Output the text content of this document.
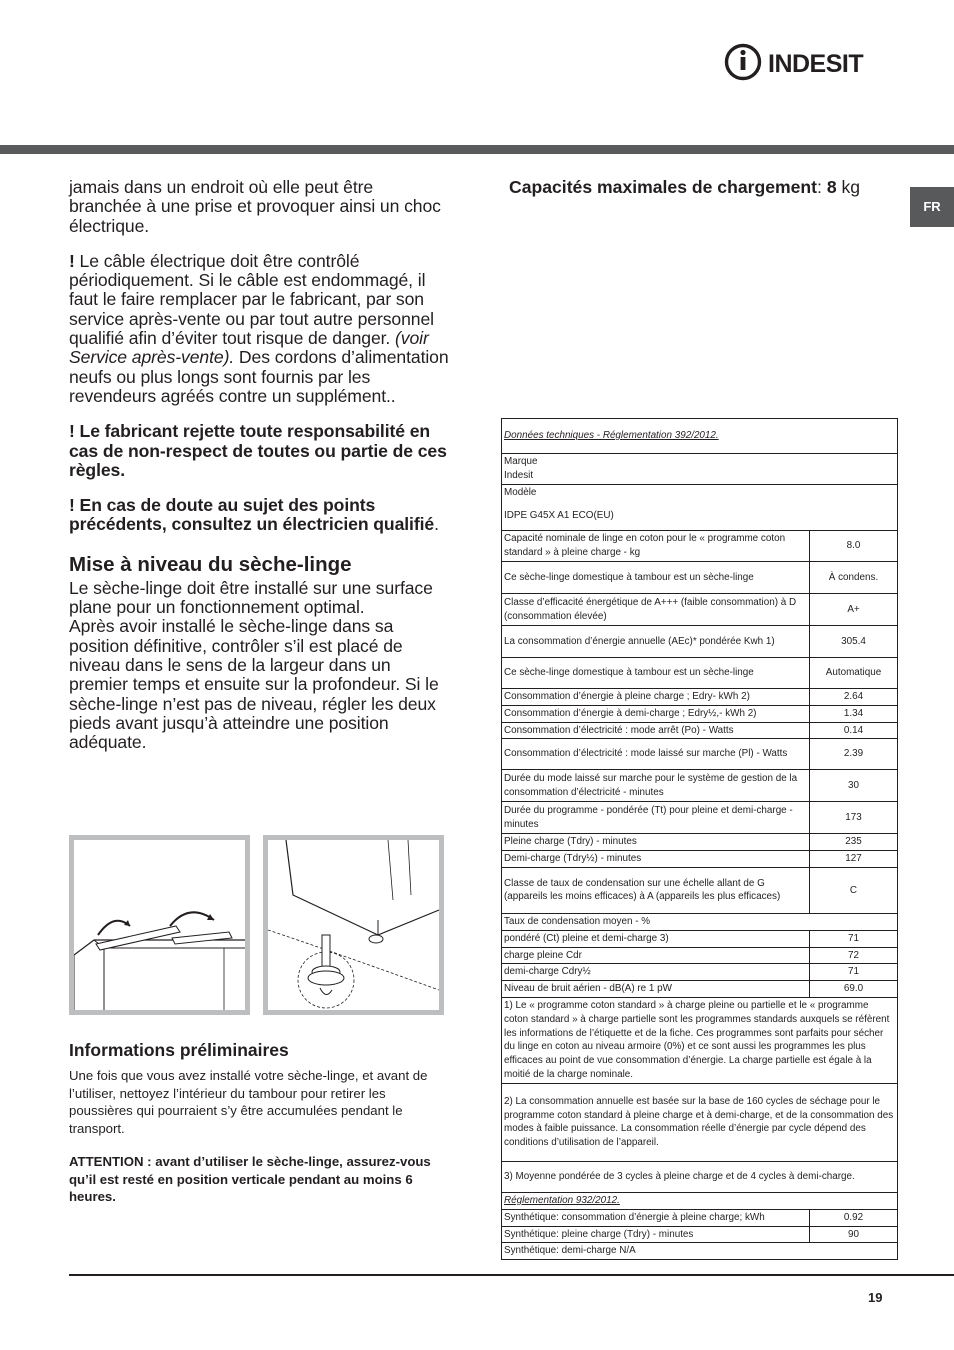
INDESIT
FR

jamais dans un endroit où elle peut être branchée à une prise et provoquer ainsi un choc électrique.

! Le câble électrique doit être contrôlé périodiquement. Si le câble est endommagé, il faut le faire remplacer par le fabricant, par son service après-vente ou par tout autre personnel qualifié afin d’éviter tout risque de danger. (voir Service après-vente). Des cordons d’alimentation neufs ou plus longs sont fournis par les revendeurs agréés contre un supplément..

! Le fabricant rejette toute responsabilité en cas de non-respect de toutes ou partie de ces règles.

! En cas de doute au sujet des points précédents, consultez un électricien qualifié.

Mise à niveau du sèche-linge

Le sèche-linge doit être installé sur une surface plane pour un fonctionnement optimal.

Après avoir installé le sèche-linge dans sa position définitive, contrôler s’il est placé de niveau dans le sens de la largeur dans un premier temps et ensuite sur la profondeur. Si le sèche-linge n’est pas de niveau, régler les deux pieds avant jusqu’à atteindre une position adéquate.

Informations préliminaires

Une fois que vous avez installé votre sèche-linge, et avant de l’utiliser, nettoyez l’intérieur du tambour pour retirer les poussières qui pourraient s’y être accumulées pendant le transport.

ATTENTION : avant d’utiliser le sèche-linge, assurez-vous qu’il est resté en position verticale pendant au moins 6 heures.

Capacités maximales de chargement: 8 kg
Données techniques - Réglementation 392/2012.	

Marque
Indesit	

Modèle
IDPE G45X A1 ECO(EU)	

Capacité nominale de linge en coton pour le « programme coton standard » à pleine charge - kg	8.0
Ce sèche-linge domestique à tambour est un sèche-linge	À condens.
Classe d’efficacité énergétique de A+++ (faible consommation) à D (consommation élevée)	A+
La consommation d’énergie annuelle (AEc)* pondérée Kwh 1)	305.4
Ce sèche-linge domestique à tambour est un sèche-linge	Automatique
Consommation d’énergie à pleine charge ; Edry- kWh 2)	2.64
Consommation d’énergie à demi-charge ; Edry½,- kWh 2)	1.34
Consommation d’électricité : mode arrêt (Po) - Watts	0.14
Consommation d’électricité : mode laissé sur marche (Pl) - Watts	2.39
Durée du mode laissé sur marche pour le système de gestion de la consommation d’électricité - minutes	30
Durée du programme - pondérée (Tt) pour pleine et demi-charge - minutes	173
Pleine charge (Tdry) - minutes	235
Demi-charge (Tdry½) - minutes	127
Classe de taux de condensation sur une échelle allant de G (appareils les moins efficaces) à A (appareils les plus efficaces)	C
Taux de condensation moyen - %	
pondéré (Ct) pleine et demi-charge 3)	71
charge pleine Cdr	72
demi-charge Cdry½	71
Niveau de bruit aérien - dB(A) re 1 pW	69.0
1) Le « programme coton standard » à charge pleine ou partielle et le « programme coton standard » à charge partielle sont les programmes standards auxquels se réfèrent les informations de l’étiquette et de la fiche. Ces programmes sont parfaits pour sécher du linge en coton au niveau armoire (0%) et ce sont aussi les programmes les plus efficaces au point de vue consommation d’énergie. La charge partielle est égale à la moitié de la charge nominale.	
2) La consommation annuelle est basée sur la base de 160 cycles de séchage pour le programme coton standard à pleine charge et à demi-charge, et de la consommation des modes à faible puissance. La consommation réelle d’énergie par cycle dépend des conditions d’utilisation de l’appareil.	
3) Moyenne pondérée de 3 cycles à pleine charge et de 4 cycles à demi-charge.	
Réglementation 932/2012.	
Synthétique: consommation d’énergie à pleine charge; kWh	0.92
Synthétique: pleine charge (Tdry) - minutes	90
Synthétique: demi-charge N/A	
19
